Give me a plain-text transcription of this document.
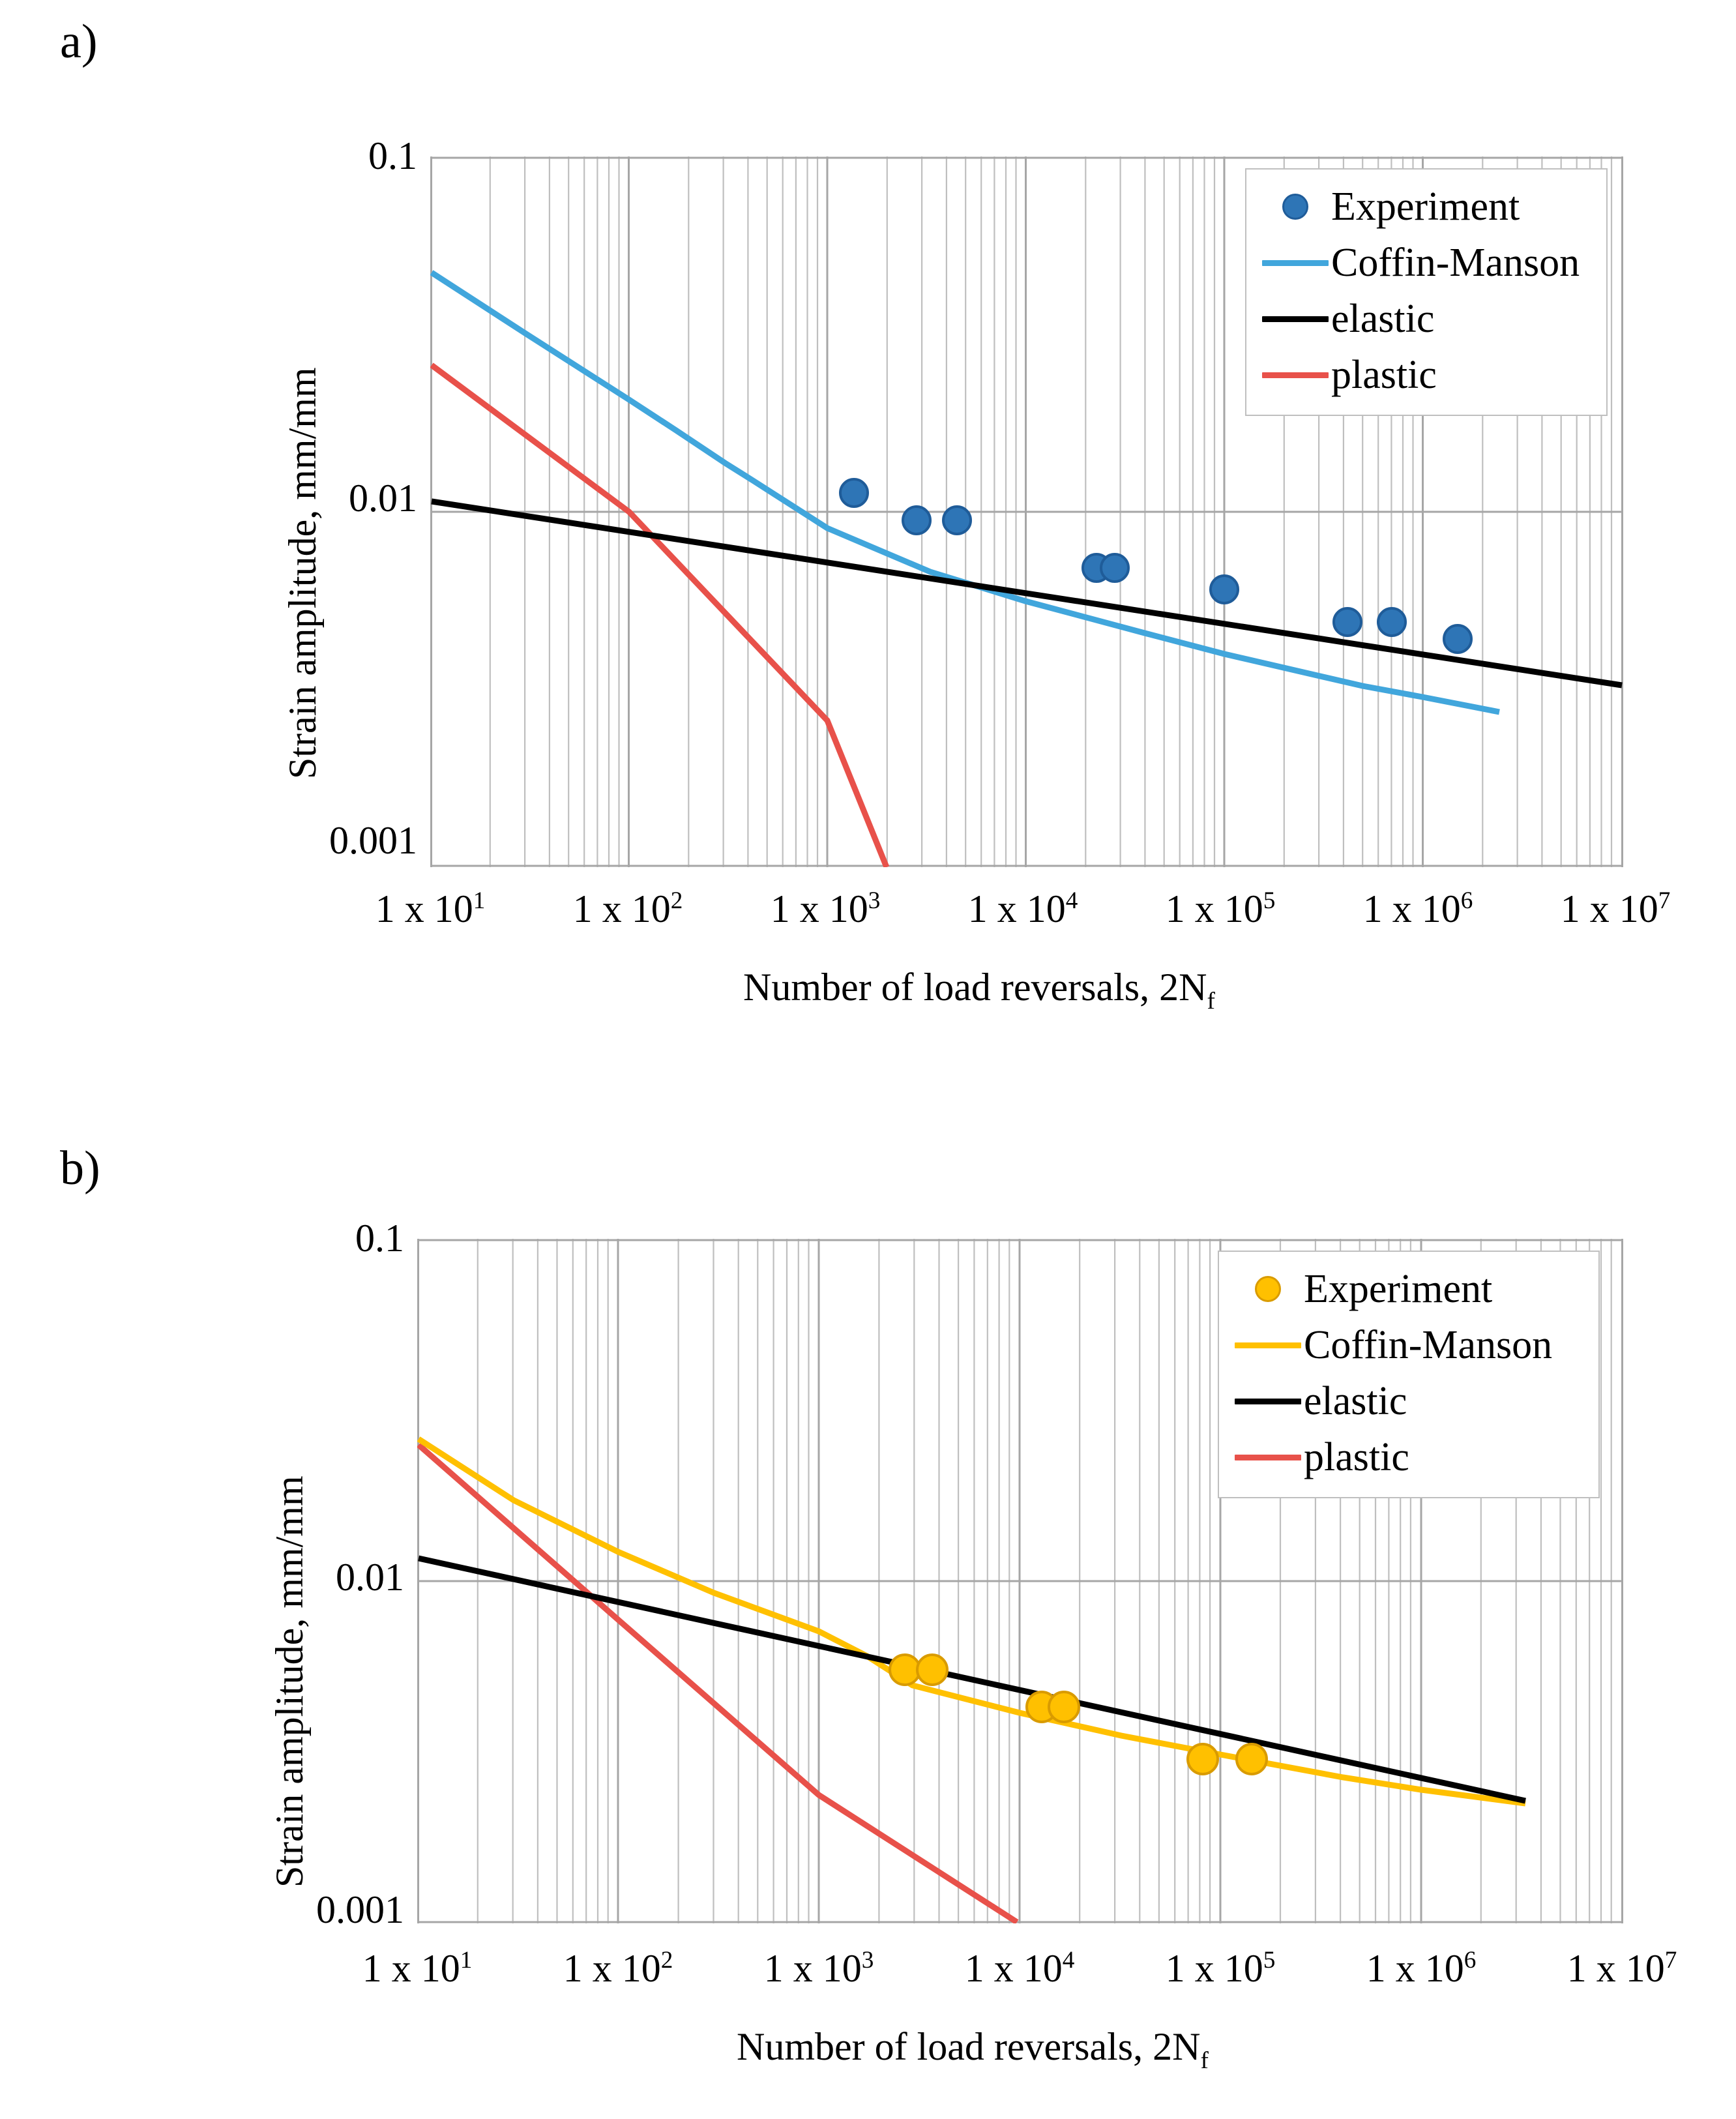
a)
Strain amplitude, mm/mm
Number of load reversals, $2N_f$
0.1
0.01
0.001
1 x $10^1$	1 x $10^2$	1 x $10^3$	1 x $10^4$	1 x $10^5$	1 x $10^6$	1 x $10^7$
Experiment
Coffin-Manson
elastic
plastic
b)
Strain amplitude, mm/mm
Number of load reversals, $2N_f$
0.1
0.01
0.001
1 x $10^1$	1 x $10^2$	1 x $10^3$	1 x $10^4$	1 x $10^5$	1 x $10^6$	1 x $10^7$
Experiment
Coffin-Manson
elastic
plastic
